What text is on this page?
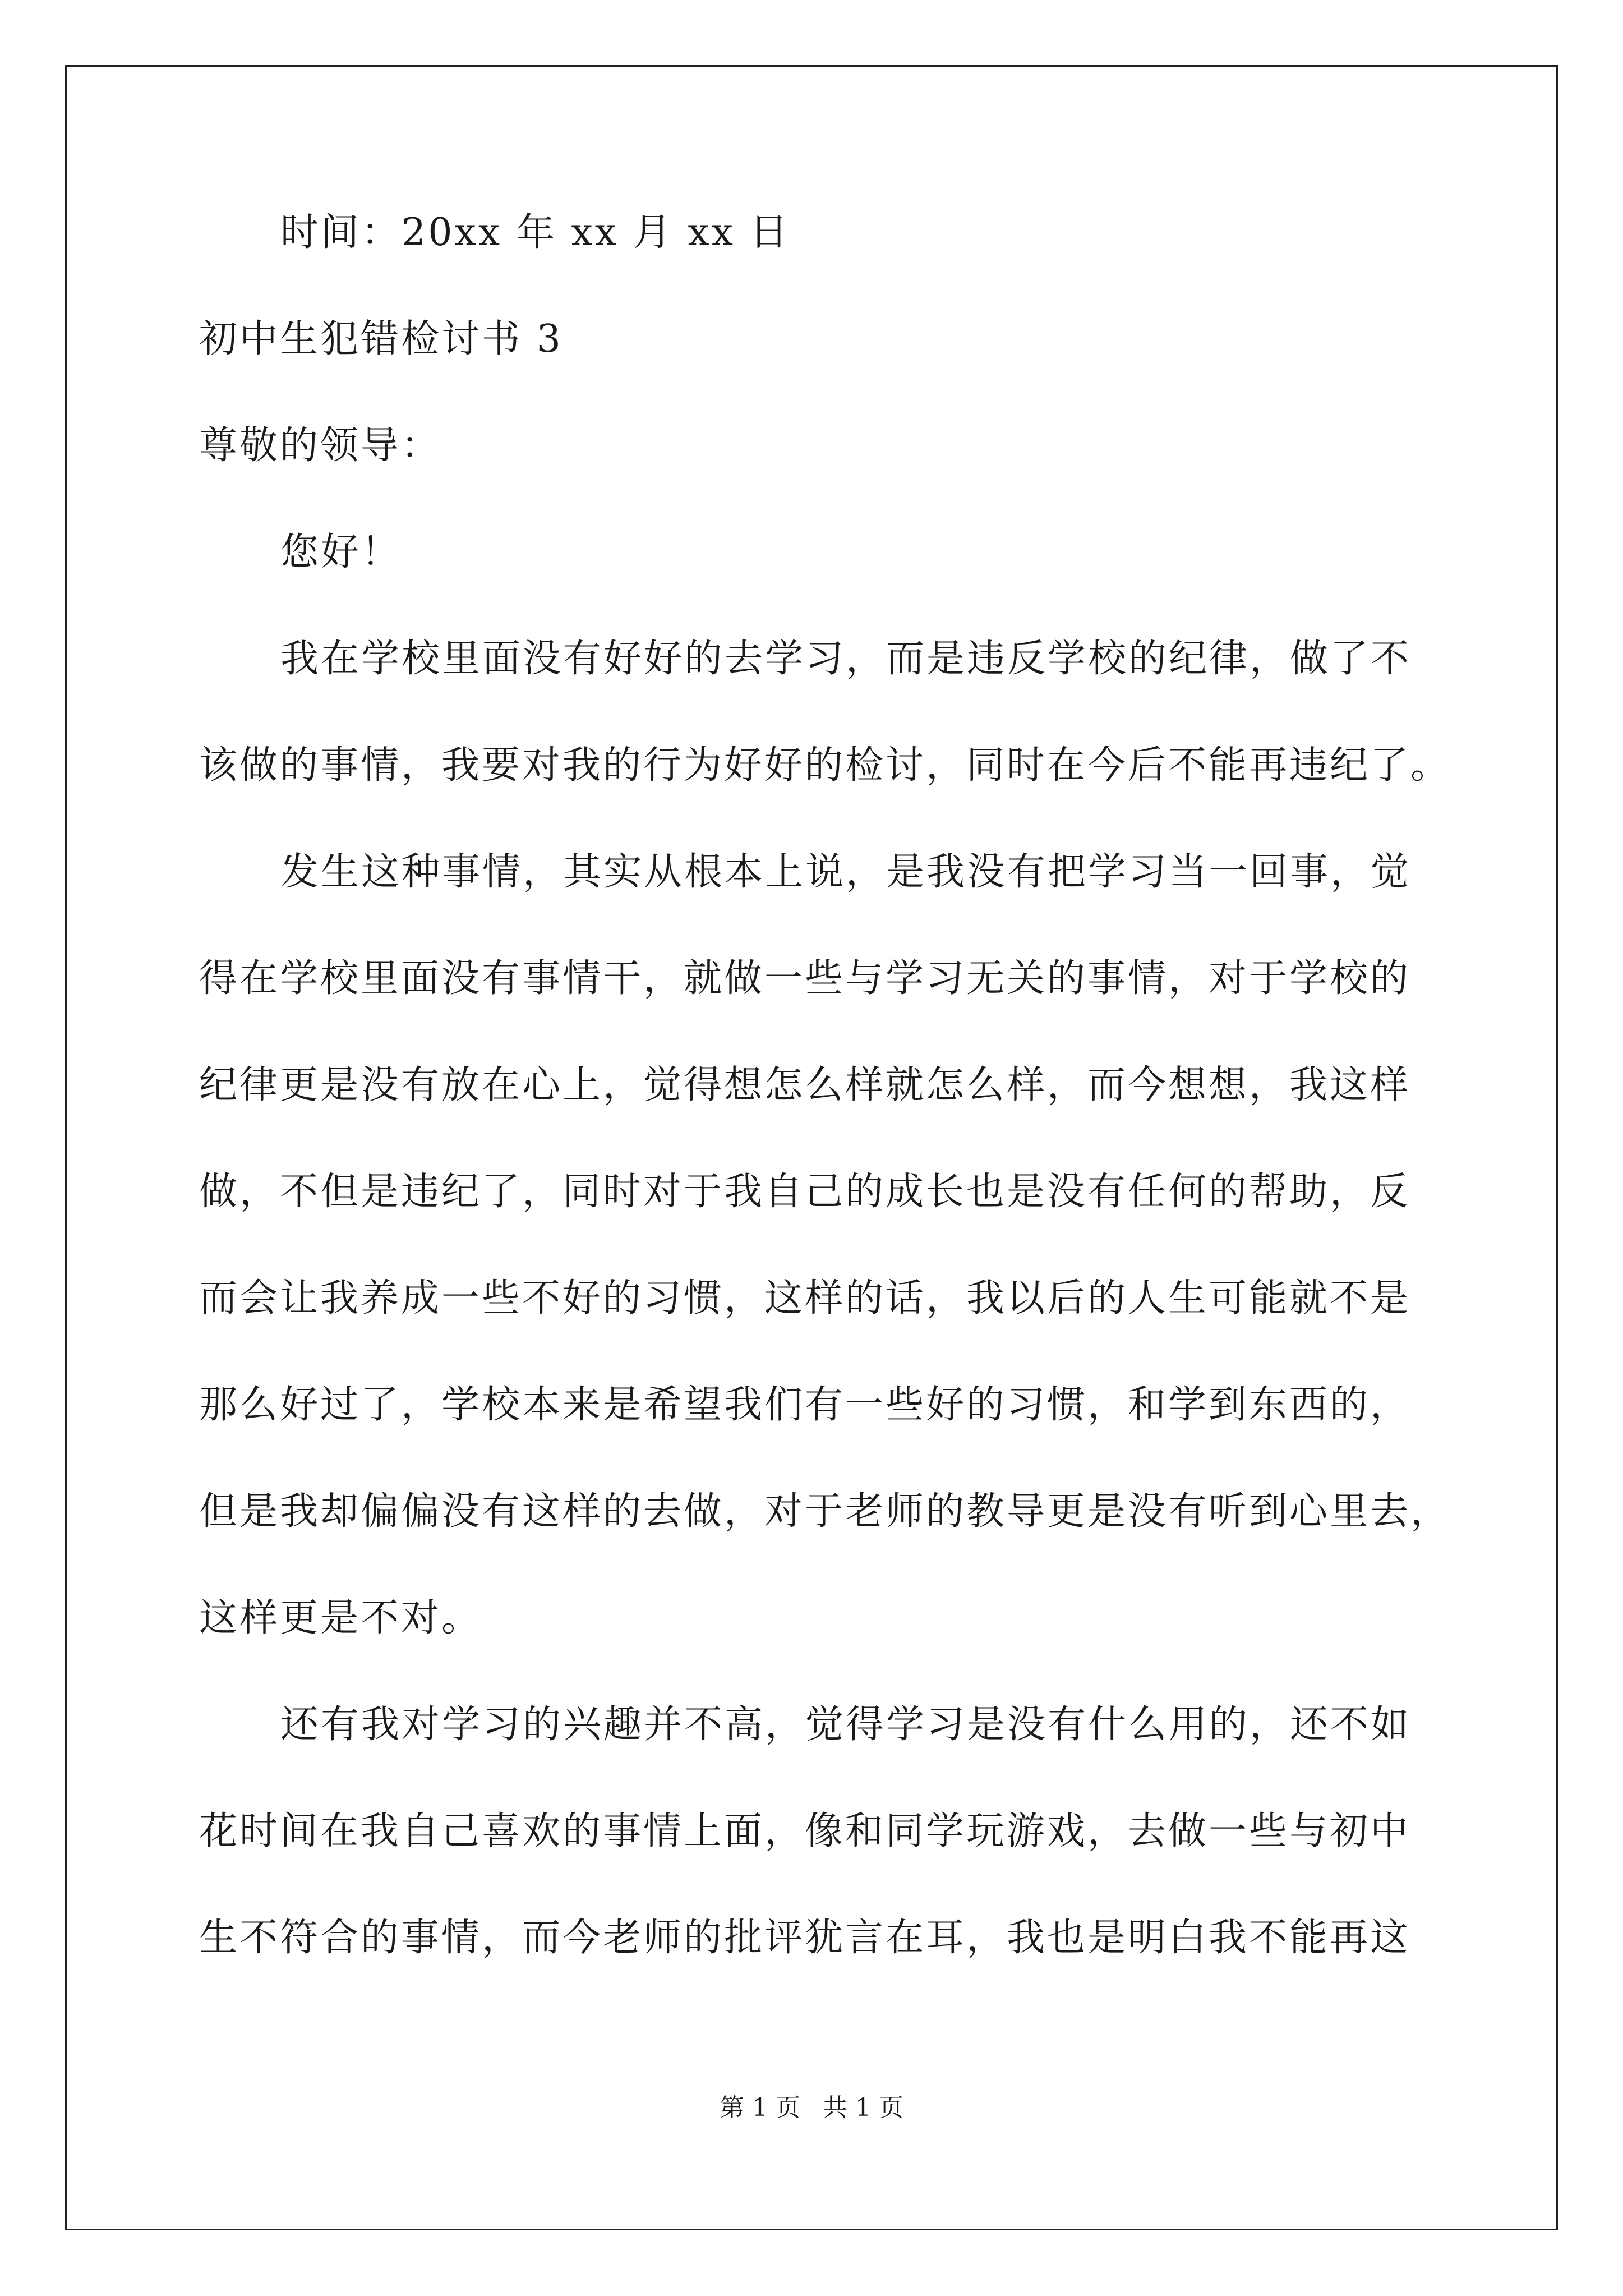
时间：20xx 年 xx 月 xx 日
初中生犯错检讨书 3
尊敬的领导：
您好！
我在学校里面没有好好的去学习，而是违反学校的纪律，做了不
该做的事情，我要对我的行为好好的检讨，同时在今后不能再违纪了。
发生这种事情，其实从根本上说，是我没有把学习当一回事，觉
得在学校里面没有事情干，就做一些与学习无关的事情，对于学校的
纪律更是没有放在心上，觉得想怎么样就怎么样，而今想想，我这样
做，不但是违纪了，同时对于我自己的成长也是没有任何的帮助，反
而会让我养成一些不好的习惯，这样的话，我以后的人生可能就不是
那么好过了，学校本来是希望我们有一些好的习惯，和学到东西的，
但是我却偏偏没有这样的去做，对于老师的教导更是没有听到心里去，
这样更是不对。
还有我对学习的兴趣并不高，觉得学习是没有什么用的，还不如
花时间在我自己喜欢的事情上面，像和同学玩游戏，去做一些与初中
生不符合的事情，而今老师的批评犹言在耳，我也是明白我不能再这
第 1 页 共 1 页
